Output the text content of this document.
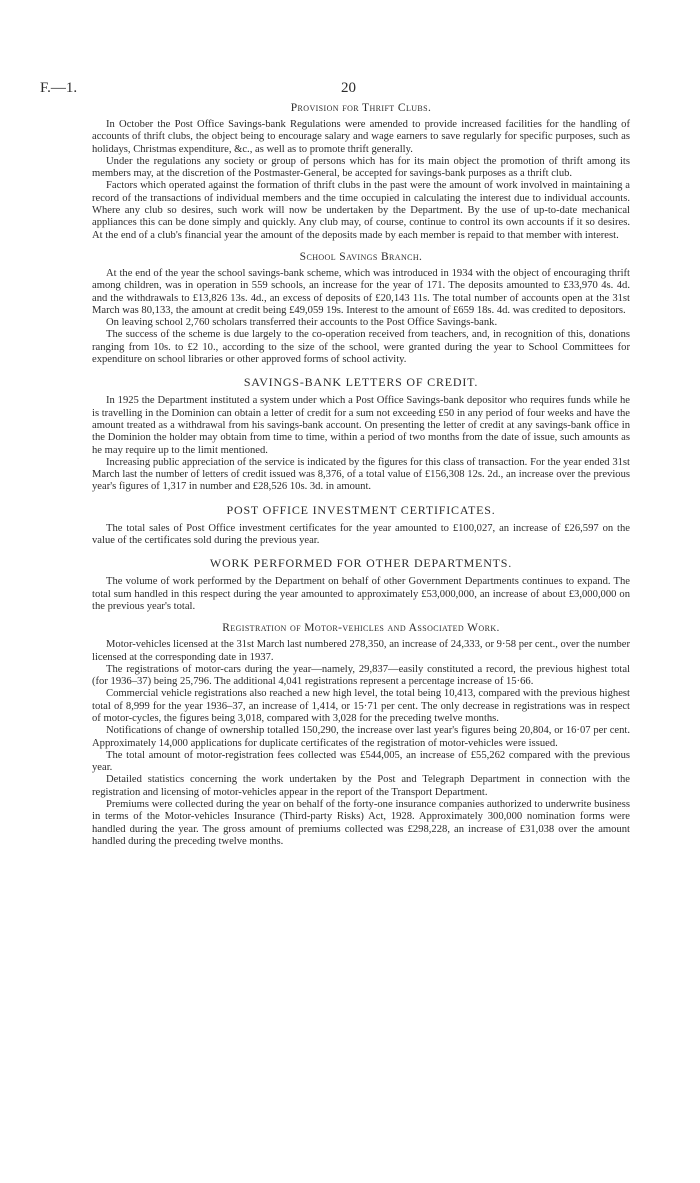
F.—1.	20
Provision for Thrift Clubs.

In October the Post Office Savings-bank Regulations were amended to provide increased facilities for the handling of accounts of thrift clubs, the object being to encourage salary and wage earners to save regularly for specific purposes, such as holidays, Christmas expenditure, &c., as well as to promote thrift generally.

Under the regulations any society or group of persons which has for its main object the promotion of thrift among its members may, at the discretion of the Postmaster-General, be accepted for savings-bank purposes as a thrift club.

Factors which operated against the formation of thrift clubs in the past were the amount of work involved in maintaining a record of the transactions of individual members and the time occupied in calculating the interest due to individual accounts. Where any club so desires, such work will now be undertaken by the Department. By the use of up-to-date mechanical appliances this can be done simply and quickly. Any club may, of course, continue to control its own accounts if it so desires. At the end of a club's financial year the amount of the deposits made by each member is repaid to that member with interest.

School Savings Branch.

At the end of the year the school savings-bank scheme, which was introduced in 1934 with the object of encouraging thrift among children, was in operation in 559 schools, an increase for the year of 171. The deposits amounted to £33,970 4s. 4d. and the withdrawals to £13,826 13s. 4d., an excess of deposits of £20,143 11s. The total number of accounts open at the 31st March was 80,133, the amount at credit being £49,059 19s. Interest to the amount of £659 18s. 4d. was credited to depositors.

On leaving school 2,760 scholars transferred their accounts to the Post Office Savings-bank.

The success of the scheme is due largely to the co-operation received from teachers, and, in recognition of this, donations ranging from 10s. to £2 10., according to the size of the school, were granted during the year to School Committees for expenditure on school libraries or other approved forms of school activity.

SAVINGS-BANK LETTERS OF CREDIT.

In 1925 the Department instituted a system under which a Post Office Savings-bank depositor who requires funds while he is travelling in the Dominion can obtain a letter of credit for a sum not exceeding £50 in any period of four weeks and have the amount treated as a withdrawal from his savings-bank account. On presenting the letter of credit at any savings-bank office in the Dominion the holder may obtain from time to time, within a period of two months from the date of issue, such amounts as he may require up to the limit mentioned.

Increasing public appreciation of the service is indicated by the figures for this class of transaction. For the year ended 31st March last the number of letters of credit issued was 8,376, of a total value of £156,308 12s. 2d., an increase over the previous year's figures of 1,317 in number and £28,526 10s. 3d. in amount.

POST OFFICE INVESTMENT CERTIFICATES.

The total sales of Post Office investment certificates for the year amounted to £100,027, an increase of £26,597 on the value of the certificates sold during the previous year.

WORK PERFORMED FOR OTHER DEPARTMENTS.

The volume of work performed by the Department on behalf of other Government Departments continues to expand. The total sum handled in this respect during the year amounted to approximately £53,000,000, an increase of about £3,000,000 on the previous year's total.

Registration of Motor-vehicles and Associated Work.

Motor-vehicles licensed at the 31st March last numbered 278,350, an increase of 24,333, or 9·58 per cent., over the number licensed at the corresponding date in 1937.

The registrations of motor-cars during the year—namely, 29,837—easily constituted a record, the previous highest total (for 1936–37) being 25,796. The additional 4,041 registrations represent a percentage increase of 15·66.

Commercial vehicle registrations also reached a new high level, the total being 10,413, compared with the previous highest total of 8,999 for the year 1936–37, an increase of 1,414, or 15·71 per cent. The only decrease in registrations was in respect of motor-cycles, the figures being 3,018, compared with 3,028 for the preceding twelve months.

Notifications of change of ownership totalled 150,290, the increase over last year's figures being 20,804, or 16·07 per cent. Approximately 14,000 applications for duplicate certificates of the registration of motor-vehicles were issued.

The total amount of motor-registration fees collected was £544,005, an increase of £55,262 compared with the previous year.

Detailed statistics concerning the work undertaken by the Post and Telegraph Department in connection with the registration and licensing of motor-vehicles appear in the report of the Transport Department.

Premiums were collected during the year on behalf of the forty-one insurance companies authorized to underwrite business in terms of the Motor-vehicles Insurance (Third-party Risks) Act, 1928. Approximately 300,000 nomination forms were handled during the year. The gross amount of premiums collected was £298,228, an increase of £31,038 over the amount handled during the preceding twelve months.
